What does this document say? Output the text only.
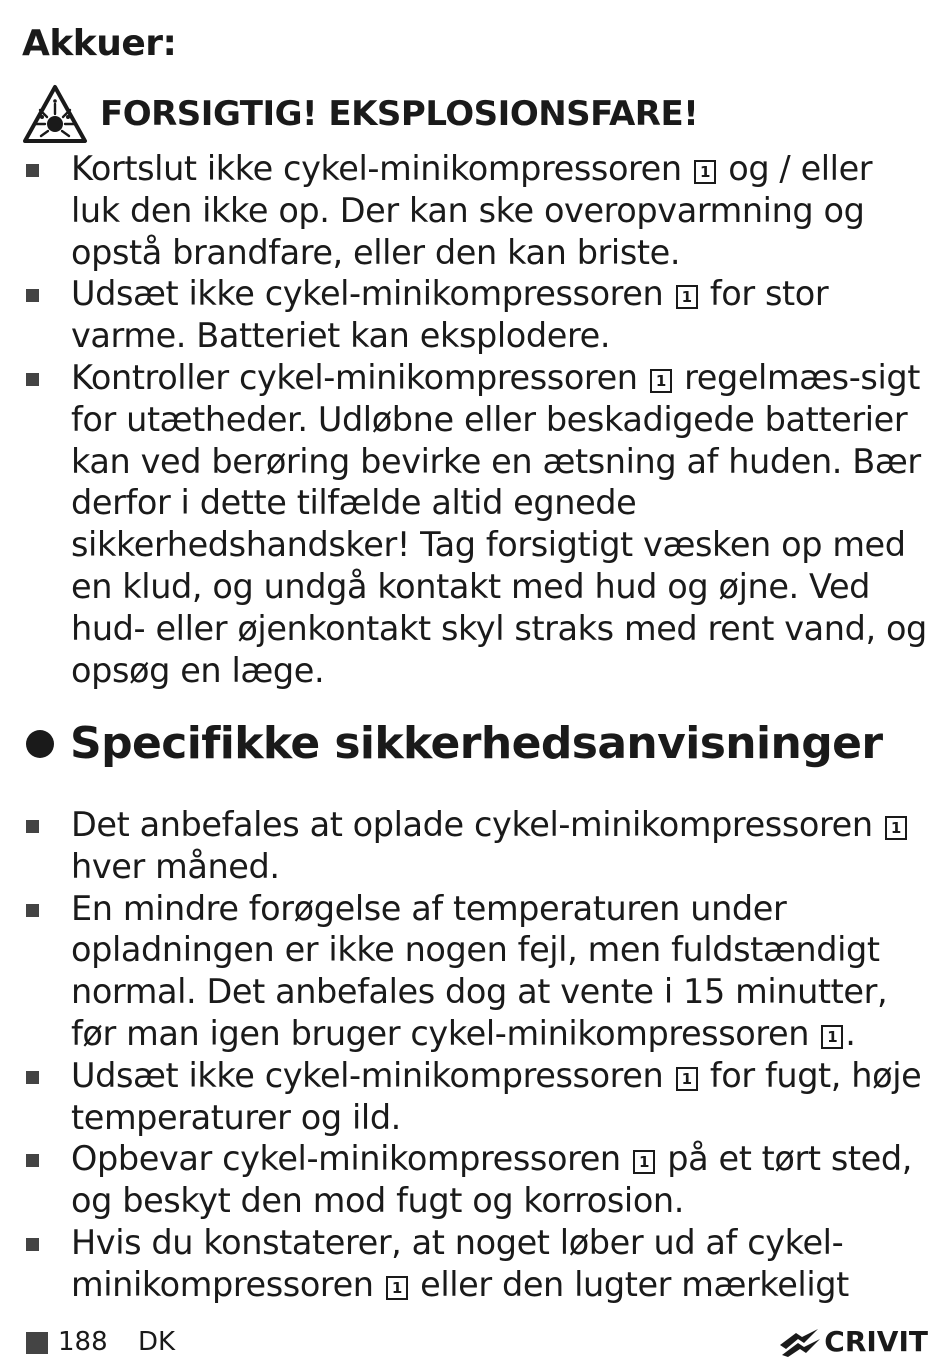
Akkuer:
FORSIGTIG! EKSPLOSIONSFARE!
Kortslut ikke cykel-minikompressoren 1 og / eller luk den ikke op. Der kan ske overopvarmning og opstå brandfare, eller den kan briste.
Udsæt ikke cykel-minikompressoren 1 for stor varme. Batteriet kan eksplodere.
Kontroller cykel-minikompressoren 1 regelmæs-sigt for utætheder. Udløbne eller beskadigede batterier kan ved berøring bevirke en ætsning af huden. Bær derfor i dette tilfælde altid egnede sikkerhedshandsker! Tag forsigtigt væsken op med en klud, og undgå kontakt med hud og øjne. Ved hud- eller øjenkontakt skyl straks med rent vand, og opsøg en læge.
Specifikke sikkerhedsanvisninger
Det anbefales at oplade cykel-minikompressoren 1 hver måned.
En mindre forøgelse af temperaturen under opladningen er ikke nogen fejl, men fuldstændigt normal. Det anbefales dog at vente i 15 minutter, før man igen bruger cykel-minikompressoren 1 .
Udsæt ikke cykel-minikompressoren 1 for fugt, høje temperaturer og ild.
Opbevar cykel-minikompressoren 1 på et tørt sted, og beskyt den mod fugt og korrosion.
Hvis du konstaterer, at noget løber ud af cykel-minikompressoren 1 eller den lugter mærkeligt
188 DK	CRIVIT
